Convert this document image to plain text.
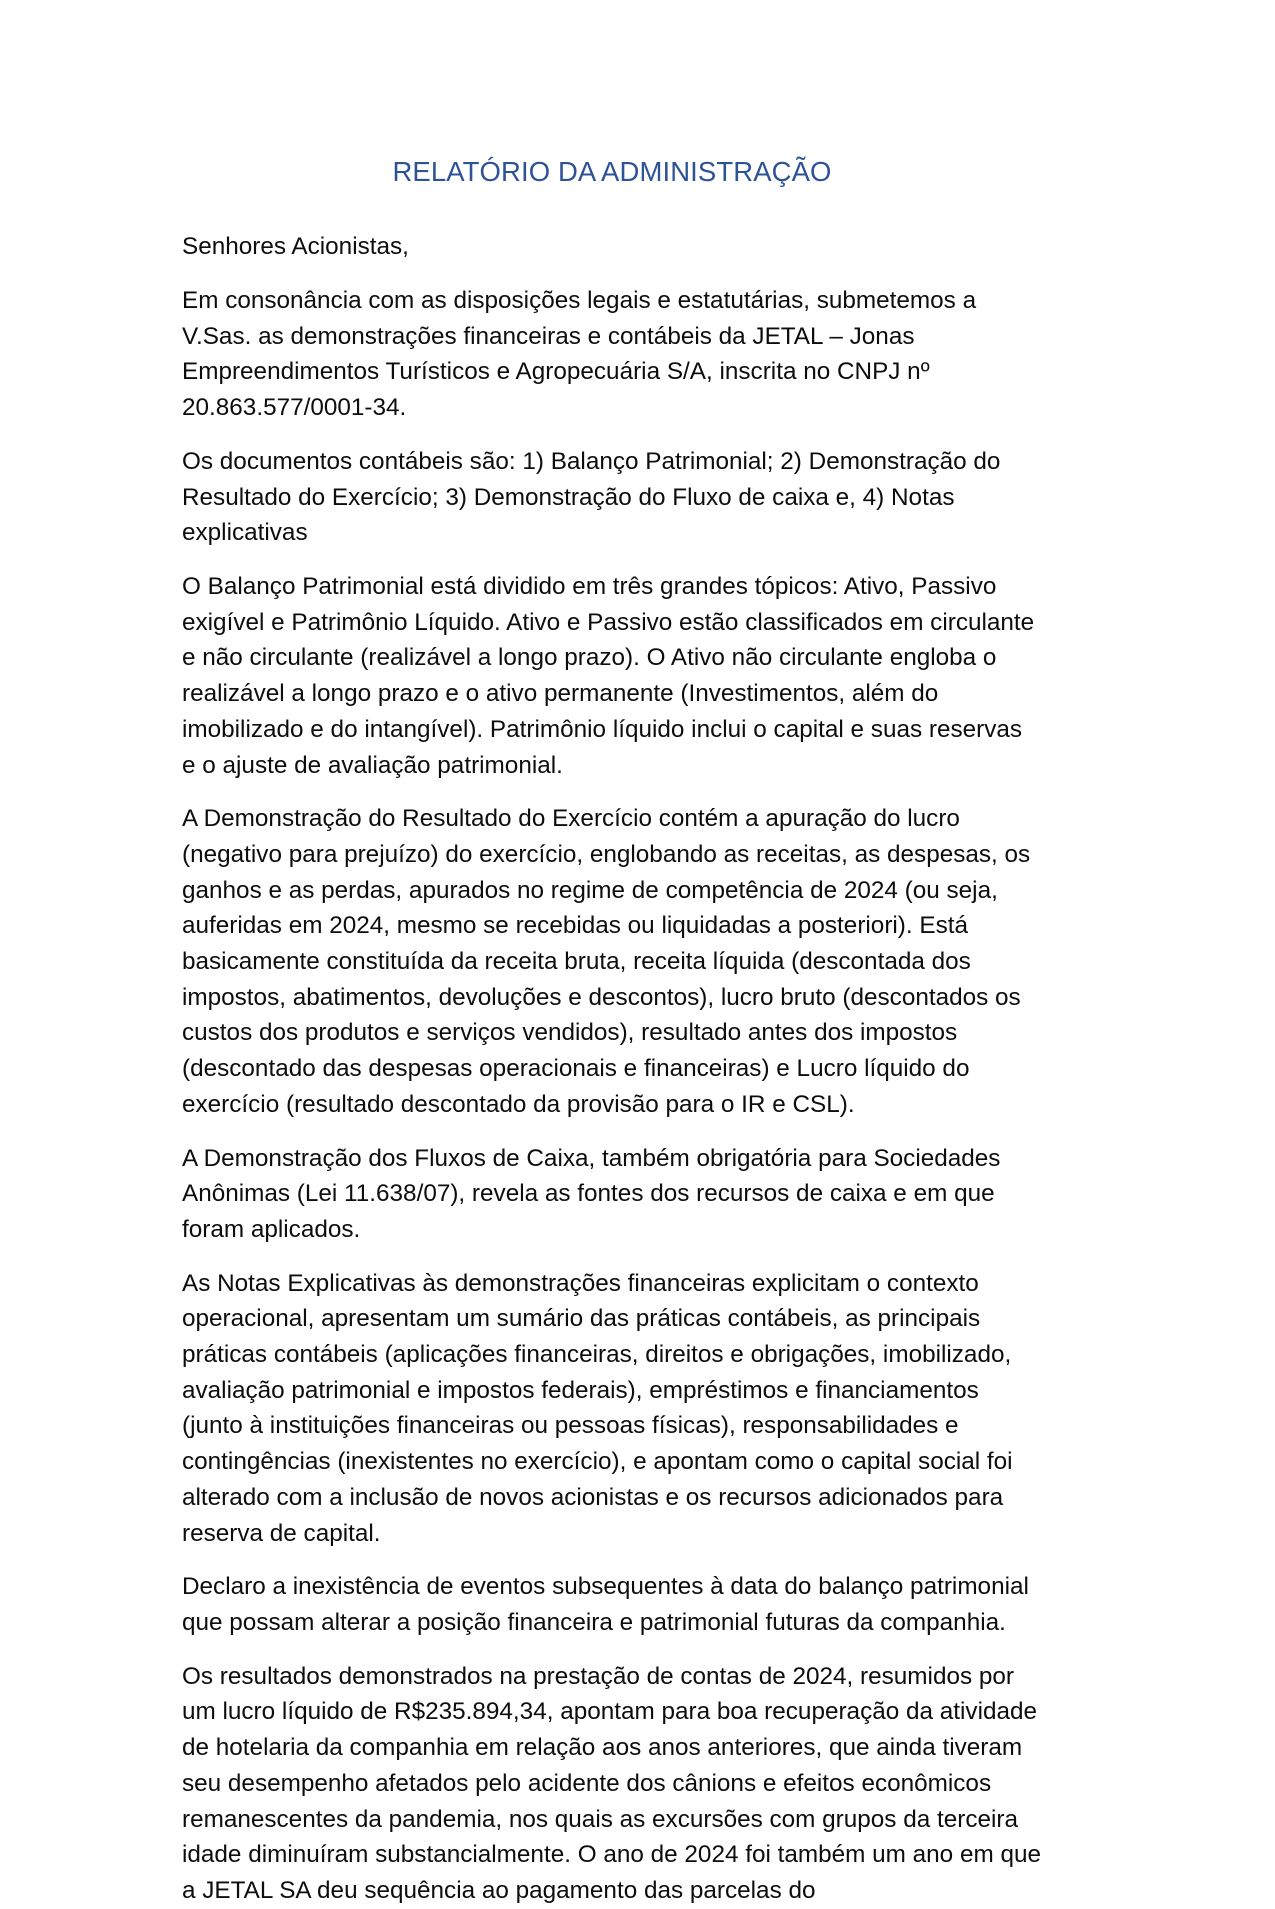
RELATÓRIO DA ADMINISTRAÇÃO

Senhores Acionistas,

Em consonância com as disposições legais e estatutárias, submetemos a V.Sas. as demonstrações financeiras e contábeis da JETAL – Jonas Empreendimentos Turísticos e Agropecuária S/A, inscrita no CNPJ nº 20.863.577/0001-34.

Os documentos contábeis são: 1) Balanço Patrimonial; 2) Demonstração do Resultado do Exercício; 3) Demonstração do Fluxo de caixa e, 4) Notas explicativas

O Balanço Patrimonial está dividido em três grandes tópicos: Ativo, Passivo exigível e Patrimônio Líquido. Ativo e Passivo estão classificados em circulante e não circulante (realizável a longo prazo). O Ativo não circulante engloba o realizável a longo prazo e o ativo permanente (Investimentos, além do imobilizado e do intangível). Patrimônio líquido inclui o capital e suas reservas e o ajuste de avaliação patrimonial.

A Demonstração do Resultado do Exercício contém a apuração do lucro (negativo para prejuízo) do exercício, englobando as receitas, as despesas, os ganhos e as perdas, apurados no regime de competência de 2024 (ou seja, auferidas em 2024, mesmo se recebidas ou liquidadas a posteriori). Está basicamente constituída da receita bruta, receita líquida (descontada dos impostos, abatimentos, devoluções e descontos), lucro bruto (descontados os custos dos produtos e serviços vendidos), resultado antes dos impostos (descontado das despesas operacionais e financeiras) e Lucro líquido do exercício (resultado descontado da provisão para o IR e CSL).

A Demonstração dos Fluxos de Caixa, também obrigatória para Sociedades Anônimas (Lei 11.638/07), revela as fontes dos recursos de caixa e em que foram aplicados.

As Notas Explicativas às demonstrações financeiras explicitam o contexto operacional, apresentam um sumário das práticas contábeis, as principais práticas contábeis (aplicações financeiras, direitos e obrigações, imobilizado, avaliação patrimonial e impostos federais), empréstimos e financiamentos (junto à instituições financeiras ou pessoas físicas), responsabilidades e contingências (inexistentes no exercício), e apontam como o capital social foi alterado com a inclusão de novos acionistas e os recursos adicionados para reserva de capital.

Declaro a inexistência de eventos subsequentes à data do balanço patrimonial que possam alterar a posição financeira e patrimonial futuras da companhia.

Os resultados demonstrados na prestação de contas de 2024, resumidos por um lucro líquido de R$235.894,34, apontam para boa recuperação da atividade de hotelaria da companhia em relação aos anos anteriores, que ainda tiveram seu desempenho afetados pelo acidente dos cânions e efeitos econômicos remanescentes da pandemia, nos quais as excursões com grupos da terceira idade diminuíram substancialmente. O ano de 2024 foi também um ano em que a JETAL SA deu sequência ao pagamento das parcelas do
